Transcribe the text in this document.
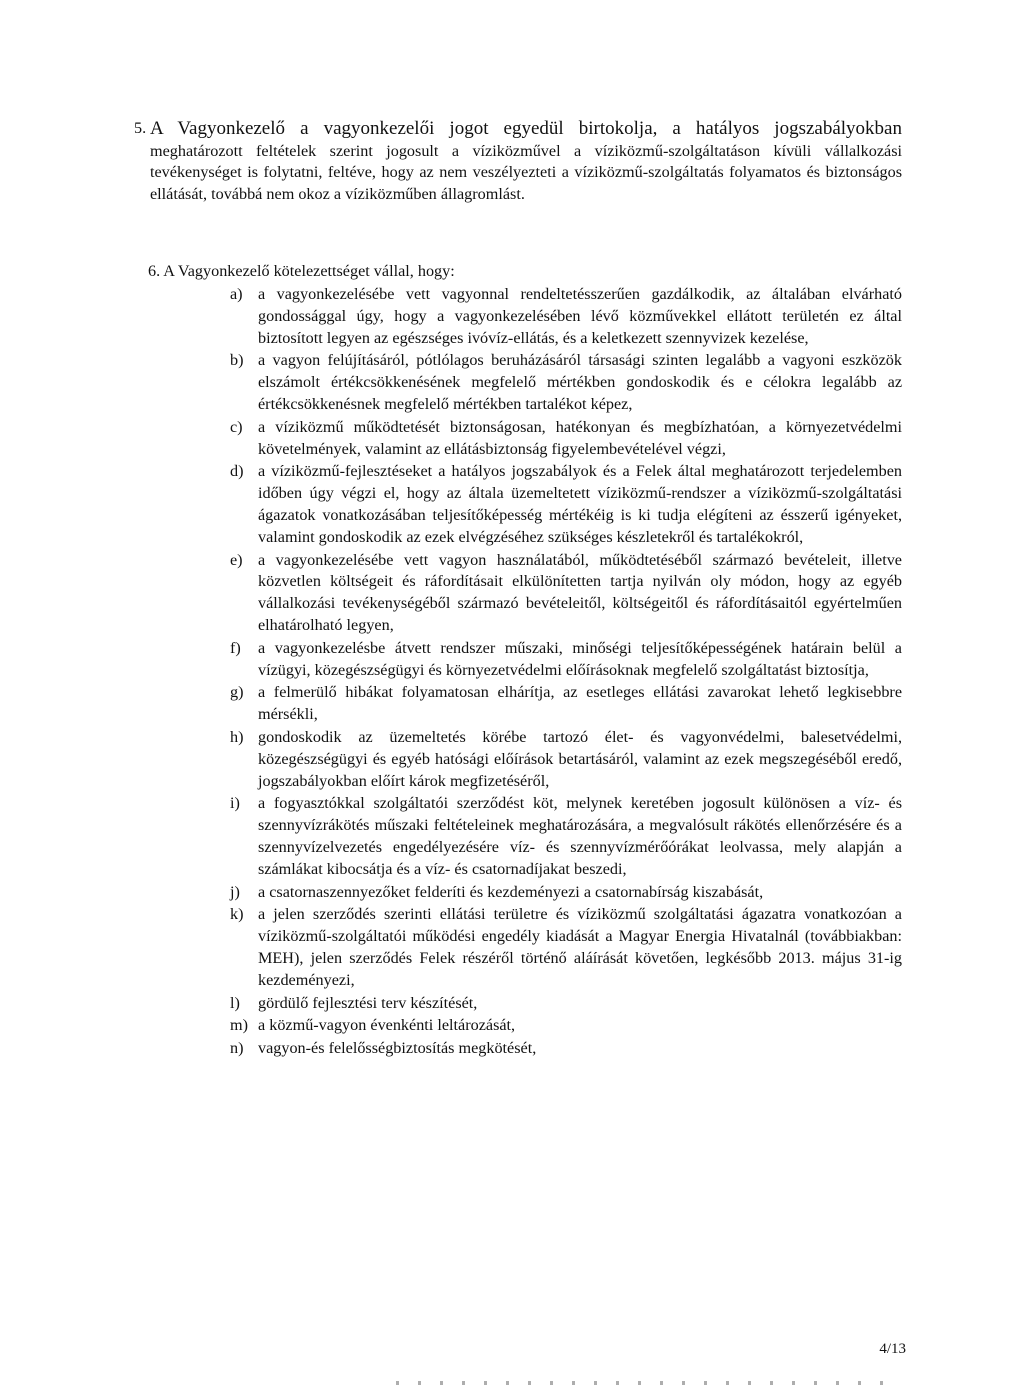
5. A Vagyonkezelő a vagyonkezelői jogot egyedül birtokolja, a hatályos jogszabályokban meghatározott feltételek szerint jogosult a víziközművel a víziközmű-szolgáltatáson kívüli vállalkozási tevékenységet is folytatni, feltéve, hogy az nem veszélyezteti a víziközmű-szolgáltatás folyamatos és biztonságos ellátását, továbbá nem okoz a víziközműben állagromlást.
6. A Vagyonkezelő kötelezettséget vállal, hogy:
a) a vagyonkezelésébe vett vagyonnal rendeltetésszerűen gazdálkodik, az általában elvárható gondossággal úgy, hogy a vagyonkezelésében lévő közművekkel ellátott területén ez által biztosított legyen az egészséges ivóvíz-ellátás, és a keletkezett szennyvizek kezelése,
b) a vagyon felújításáról, pótlólagos beruházásáról társasági szinten legalább a vagyoni eszközök elszámolt értékcsökkenésének megfelelő mértékben gondoskodik és e célokra legalább az értékcsökkenésnek megfelelő mértékben tartalékot képez,
c) a víziközmű működtetését biztonságosan, hatékonyan és megbízhatóan, a környezetvédelmi követelmények, valamint az ellátásbiztonság figyelembevételével végzi,
d) a víziközmű-fejlesztéseket a hatályos jogszabályok és a Felek által meghatározott terjedelemben időben úgy végzi el, hogy az általa üzemeltetett víziközmű-rendszer a víziközmű-szolgáltatási ágazatok vonatkozásában teljesítőképesség mértékéig is ki tudja elégíteni az ésszerű igényeket, valamint gondoskodik az ezek elvégzéséhez szükséges készletekről és tartalékokról,
e) a vagyonkezelésébe vett vagyon használatából, működtetéséből származó bevételeit, illetve közvetlen költségeit és ráfordításait elkülönítetten tartja nyilván oly módon, hogy az egyéb vállalkozási tevékenységéből származó bevételeitől, költségeitől és ráfordításaitól egyértelműen elhatárolható legyen,
f) a vagyonkezelésbe átvett rendszer műszaki, minőségi teljesítőképességének határain belül a vízügyi, közegészségügyi és környezetvédelmi előírásoknak megfelelő szolgáltatást biztosítja,
g) a felmerülő hibákat folyamatosan elhárítja, az esetleges ellátási zavarokat lehető legkisebbre mérsékli,
h) gondoskodik az üzemeltetés körébe tartozó élet- és vagyonvédelmi, balesetvédelmi, közegészségügyi és egyéb hatósági előírások betartásáról, valamint az ezek megszegéséből eredő, jogszabályokban előírt károk megfizetéséről,
i) a fogyasztókkal szolgáltatói szerződést köt, melynek keretében jogosult különösen a víz- és szennyvízrákötés műszaki feltételeinek meghatározására, a megvalósult rákötés ellenőrzésére és a szennyvízelvezetés engedélyezésére víz- és szennyvízmérőórákat leolvassa, mely alapján a számlákat kibocsátja és a víz- és csatornadíjakat beszedi,
j) a csatornaszennyezőket felderíti és kezdeményezi a csatornabírság kiszabását,
k) a jelen szerződés szerinti ellátási területre és víziközmű szolgáltatási ágazatra vonatkozóan a víziközmű-szolgáltatói működési engedély kiadását a Magyar Energia Hivatalnál (továbbiakban: MEH), jelen szerződés Felek részéről történő aláírását követően, legkésőbb 2013. május 31-ig kezdeményezi,
l) gördülő fejlesztési terv készítését,
m) a közmű-vagyon évenkénti leltározását,
n) vagyon-és felelősségbiztosítás megkötését,
4/13
